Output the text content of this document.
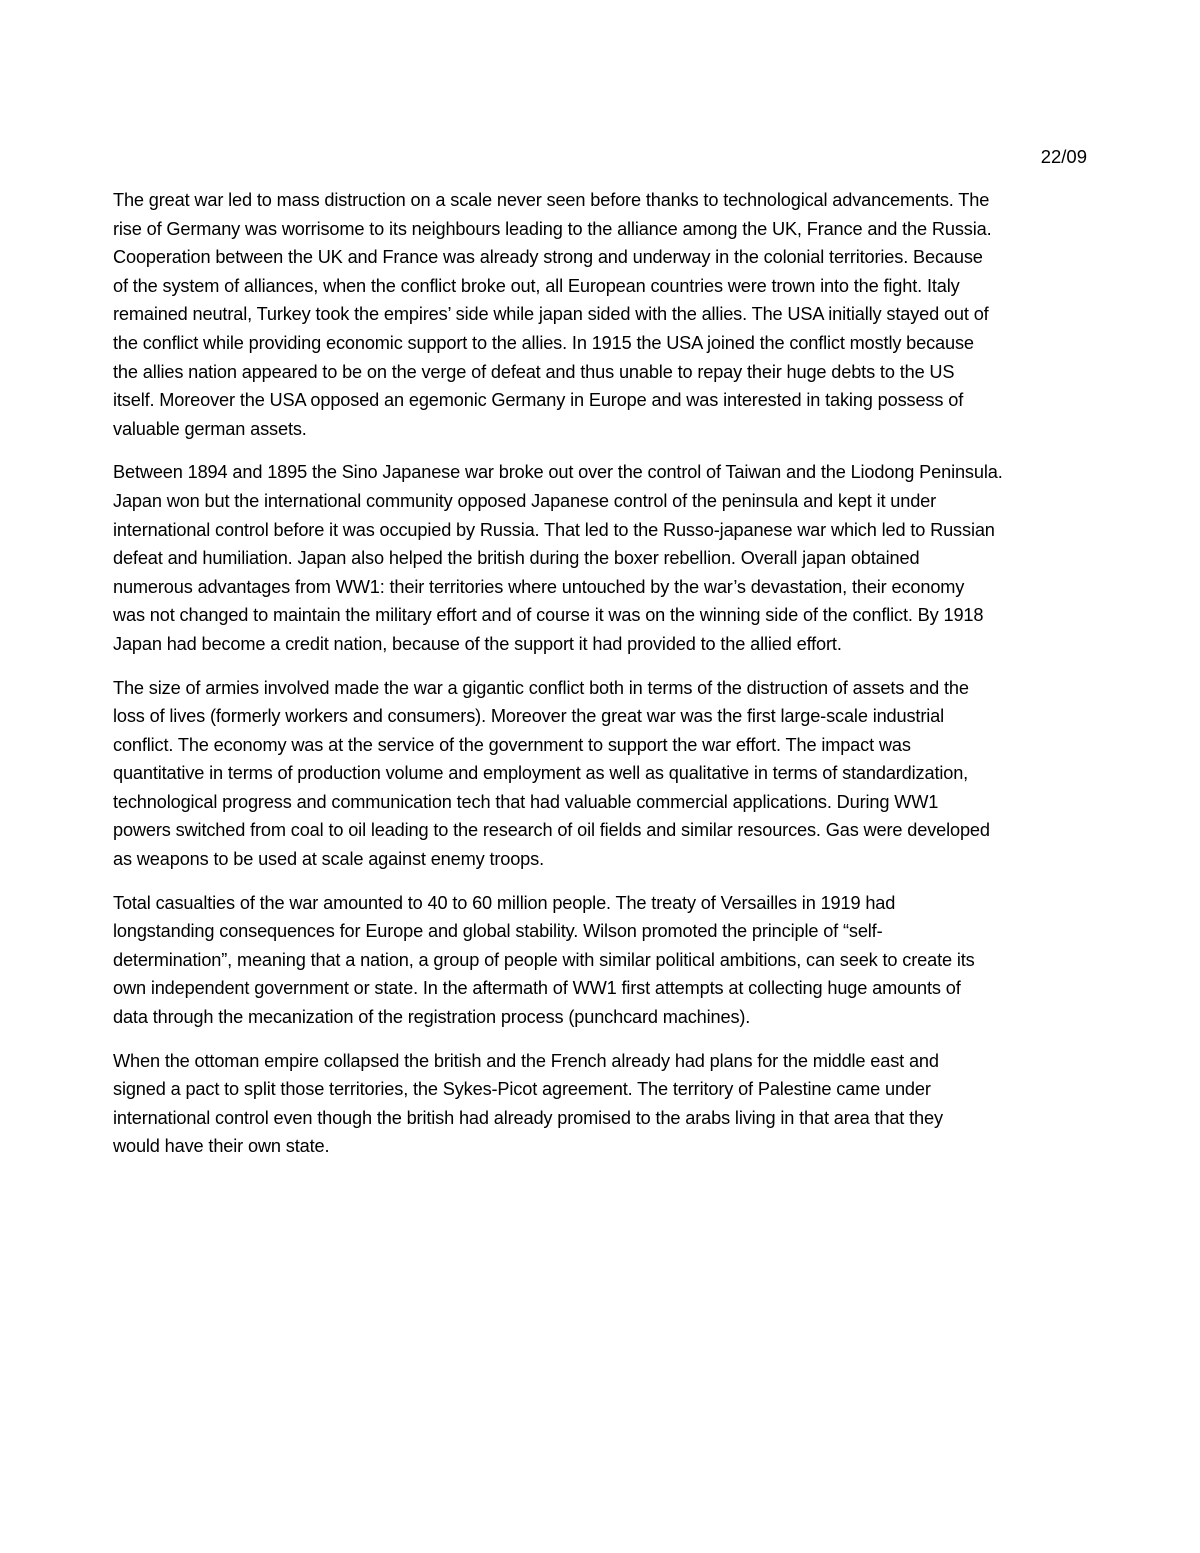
22/09

The great war led to mass distruction on a scale never seen before thanks to technological advancements. The
rise of Germany was worrisome to its neighbours leading to the alliance among the UK, France and the Russia.
Cooperation between the UK and France was already strong and underway in the colonial territories. Because
of the system of alliances, when the conflict broke out, all European countries were trown into the fight. Italy
remained neutral, Turkey took the empires’ side while japan sided with the allies. The USA initially stayed out of
the conflict while providing economic support to the allies. In 1915 the USA joined the conflict mostly because
the allies nation appeared to be on the verge of defeat and thus unable to repay their huge debts to the US
itself. Moreover the USA opposed an egemonic Germany in Europe and was interested in taking possess of
valuable german assets.

Between 1894 and 1895 the Sino Japanese war broke out over the control of Taiwan and the Liodong Peninsula.
Japan won but the international community opposed Japanese control of the peninsula and kept it under
international control before it was occupied by Russia. That led to the Russo-japanese war which led to Russian
defeat and humiliation. Japan also helped the british during the boxer rebellion. Overall japan obtained
numerous advantages from WW1: their territories where untouched by the war’s devastation, their economy
was not changed to maintain the military effort and of course it was on the winning side of the conflict. By 1918
Japan had become a credit nation, because of the support it had provided to the allied effort.

The size of armies involved made the war a gigantic conflict both in terms of the distruction of assets and the
loss of lives (formerly workers and consumers). Moreover the great war was the first large-scale industrial
conflict. The economy was at the service of the government to support the war effort. The impact was
quantitative in terms of production volume and employment as well as qualitative in terms of standardization,
technological progress and communication tech that had valuable commercial applications. During WW1
powers switched from coal to oil leading to the research of oil fields and similar resources. Gas were developed
as weapons to be used at scale against enemy troops.

Total casualties of the war amounted to 40 to 60 million people. The treaty of Versailles in 1919 had
longstanding consequences for Europe and global stability. Wilson promoted the principle of “self-
determination”, meaning that a nation, a group of people with similar political ambitions, can seek to create its
own independent government or state. In the aftermath of WW1 first attempts at collecting huge amounts of
data through the mecanization of the registration process (punchcard machines).

When the ottoman empire collapsed the british and the French already had plans for the middle east and
signed a pact to split those territories, the Sykes-Picot agreement. The territory of Palestine came under
international control even though the british had already promised to the arabs living in that area that they
would have their own state.
